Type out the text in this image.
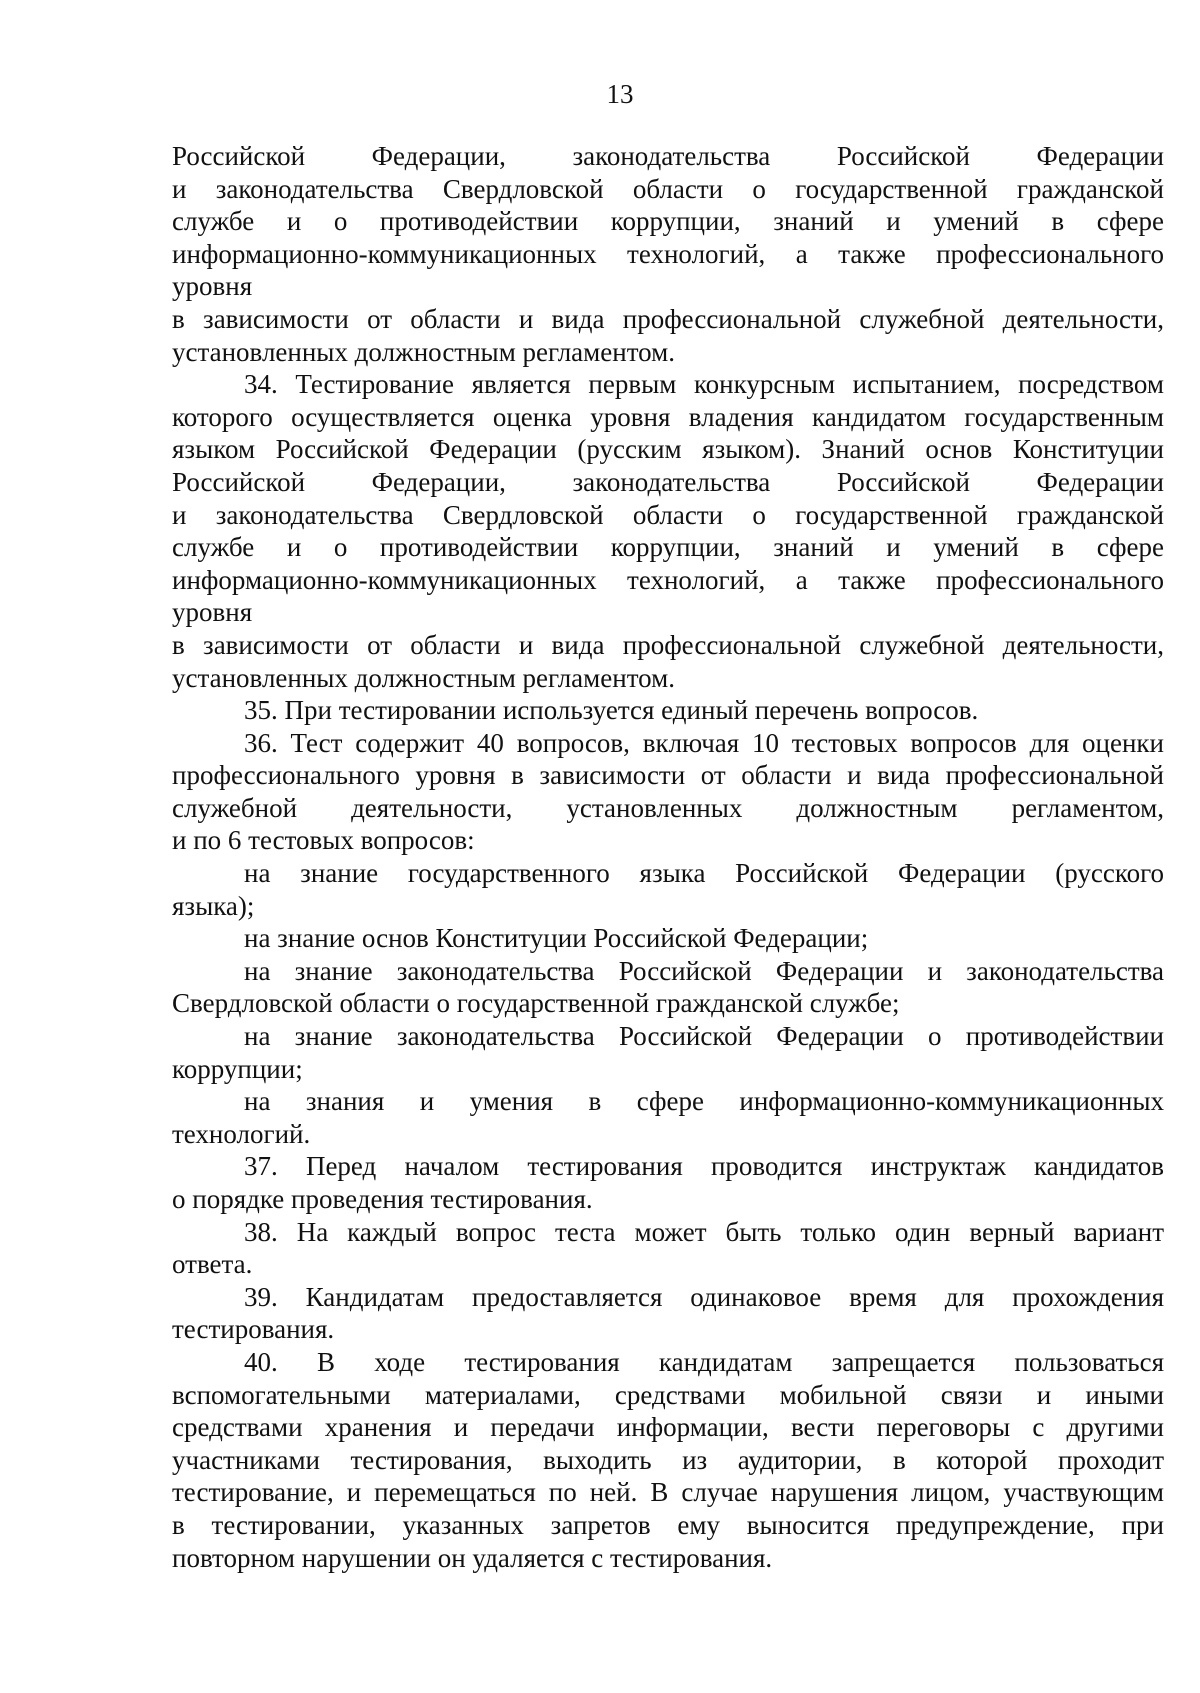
13
Российской Федерации, законодательства Российской Федерации
и законодательства Свердловской области о государственной гражданской
службе и о противодействии коррупции, знаний и умений в сфере
информационно-коммуникационных технологий, а также профессионального
уровня
в зависимости от области и вида профессиональной служебной деятельности,
установленных должностным регламентом.
34. Тестирование является первым конкурсным испытанием, посредством
которого осуществляется оценка уровня владения кандидатом государственным
языком Российской Федерации (русским языком). Знаний основ Конституции
Российской Федерации, законодательства Российской Федерации
и законодательства Свердловской области о государственной гражданской
службе и о противодействии коррупции, знаний и умений в сфере
информационно-коммуникационных технологий, а также профессионального
уровня
в зависимости от области и вида профессиональной служебной деятельности,
установленных должностным регламентом.
35. При тестировании используется единый перечень вопросов.
36. Тест содержит 40 вопросов, включая 10 тестовых вопросов для оценки
профессионального уровня в зависимости от области и вида профессиональной
служебной деятельности, установленных должностным регламентом,
и по 6 тестовых вопросов:
на знание государственного языка Российской Федерации (русского
языка);
на знание основ Конституции Российской Федерации;
на знание законодательства Российской Федерации и законодательства
Свердловской области о государственной гражданской службе;
на знание законодательства Российской Федерации о противодействии
коррупции;
на знания и умения в сфере информационно-коммуникационных
технологий.
37. Перед началом тестирования проводится инструктаж кандидатов
о порядке проведения тестирования.
38. На каждый вопрос теста может быть только один верный вариант
ответа.
39. Кандидатам предоставляется одинаковое время для прохождения
тестирования.
40. В ходе тестирования кандидатам запрещается пользоваться
вспомогательными материалами, средствами мобильной связи и иными
средствами хранения и передачи информации, вести переговоры с другими
участниками тестирования, выходить из аудитории, в которой проходит
тестирование, и перемещаться по ней. В случае нарушения лицом, участвующим
в тестировании, указанных запретов ему выносится предупреждение, при
повторном нарушении он удаляется с тестирования.
